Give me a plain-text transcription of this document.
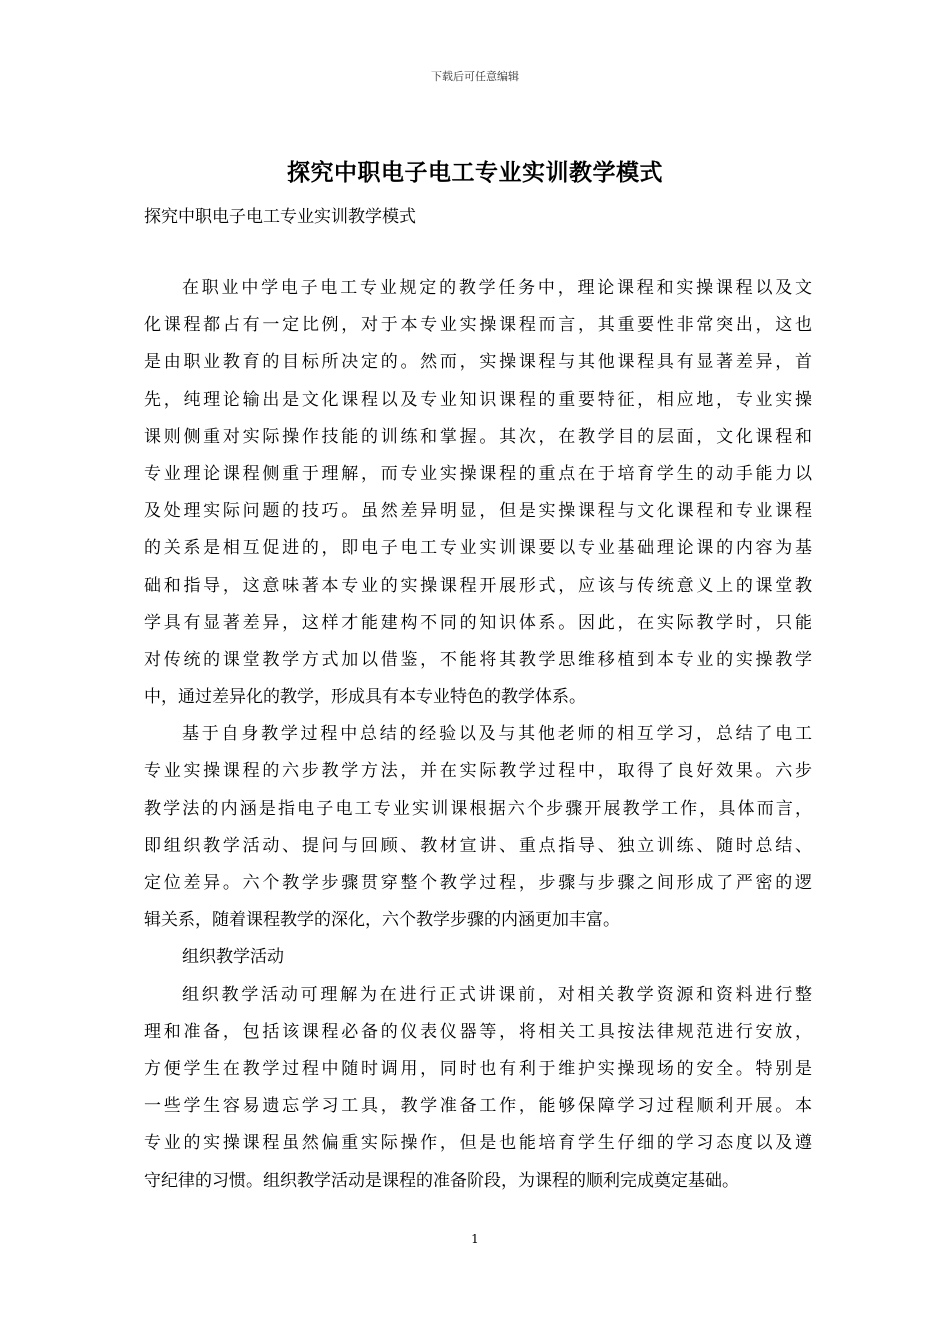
下载后可任意编辑
探究中职电子电工专业实训教学模式
探究中职电子电工专业实训教学模式
在职业中学电子电工专业规定的教学任务中，理论课程和实操课程以及文
化课程都占有一定比例，对于本专业实操课程而言，其重要性非常突出，这也
是由职业教育的目标所决定的。然而，实操课程与其他课程具有显著差异，首
先，纯理论输出是文化课程以及专业知识课程的重要特征，相应地，专业实操
课则侧重对实际操作技能的训练和掌握。其次，在教学目的层面，文化课程和
专业理论课程侧重于理解，而专业实操课程的重点在于培育学生的动手能力以
及处理实际问题的技巧。虽然差异明显，但是实操课程与文化课程和专业课程
的关系是相互促进的，即电子电工专业实训课要以专业基础理论课的内容为基
础和指导，这意味著本专业的实操课程开展形式，应该与传统意义上的课堂教
学具有显著差异，这样才能建构不同的知识体系。因此，在实际教学时，只能
对传统的课堂教学方式加以借鉴，不能将其教学思维移植到本专业的实操教学
中，通过差异化的教学，形成具有本专业特色的教学体系。
基于自身教学过程中总结的经验以及与其他老师的相互学习，总结了电工
专业实操课程的六步教学方法，并在实际教学过程中，取得了良好效果。六步
教学法的内涵是指电子电工专业实训课根据六个步骤开展教学工作，具体而言，
即组织教学活动、提问与回顾、教材宣讲、重点指导、独立训练、随时总结、
定位差异。六个教学步骤贯穿整个教学过程，步骤与步骤之间形成了严密的逻
辑关系，随着课程教学的深化，六个教学步骤的内涵更加丰富。
组织教学活动
组织教学活动可理解为在进行正式讲课前，对相关教学资源和资料进行整
理和准备，包括该课程必备的仪表仪器等，将相关工具按法律规范进行安放，
方便学生在教学过程中随时调用，同时也有利于维护实操现场的安全。特别是
一些学生容易遗忘学习工具，教学准备工作，能够保障学习过程顺利开展。本
专业的实操课程虽然偏重实际操作，但是也能培育学生仔细的学习态度以及遵
守纪律的习惯。组织教学活动是课程的准备阶段，为课程的顺利完成奠定基础。
1
